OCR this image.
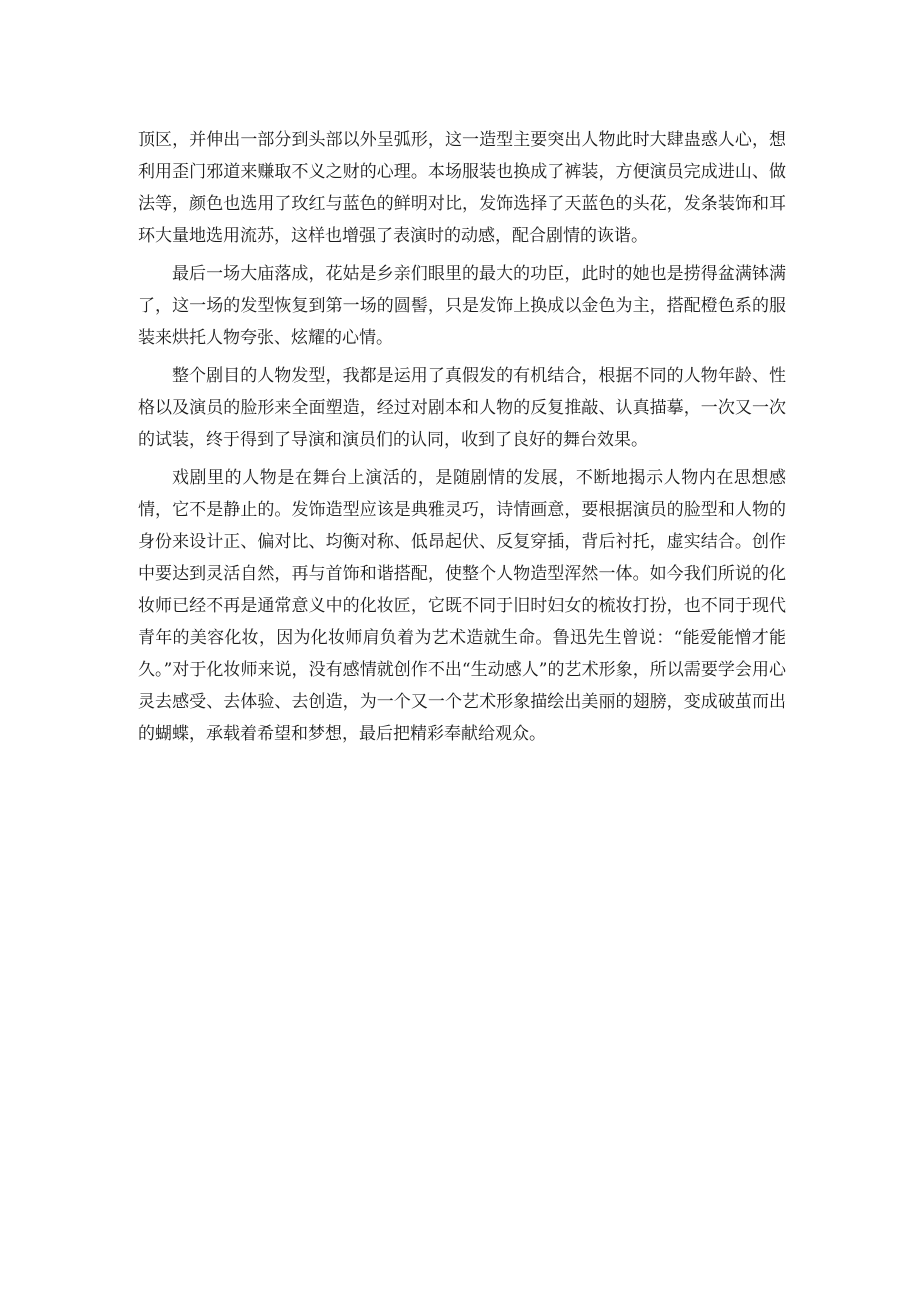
顶区，并伸出一部分到头部以外呈弧形，这一造型主要突出人物此时大肆蛊惑人心，想利用歪门邪道来赚取不义之财的心理。本场服装也换成了裤装，方便演员完成进山、做法等，颜色也选用了玫红与蓝色的鲜明对比，发饰选择了天蓝色的头花，发条装饰和耳环大量地选用流苏，这样也增强了表演时的动感，配合剧情的诙谐。

最后一场大庙落成，花姑是乡亲们眼里的最大的功臣，此时的她也是捞得盆满钵满了，这一场的发型恢复到第一场的圆髻，只是发饰上换成以金色为主，搭配橙色系的服装来烘托人物夸张、炫耀的心情。

整个剧目的人物发型，我都是运用了真假发的有机结合，根据不同的人物年龄、性格以及演员的脸形来全面塑造，经过对剧本和人物的反复推敲、认真描摹，一次又一次的试装，终于得到了导演和演员们的认同，收到了良好的舞台效果。

戏剧里的人物是在舞台上演活的，是随剧情的发展，不断地揭示人物内在思想感情，它不是静止的。发饰造型应该是典雅灵巧，诗情画意，要根据演员的脸型和人物的身份来设计正、偏对比、均衡对称、低昂起伏、反复穿插，背后衬托，虚实结合。创作中要达到灵活自然，再与首饰和谐搭配，使整个人物造型浑然一体。如今我们所说的化妆师已经不再是通常意义中的化妆匠，它既不同于旧时妇女的梳妆打扮，也不同于现代青年的美容化妆，因为化妆师肩负着为艺术造就生命。鲁迅先生曾说：“能爱能憎才能久。”对于化妆师来说，没有感情就创作不出“生动感人”的艺术形象，所以需要学会用心灵去感受、去体验、去创造，为一个又一个艺术形象描绘出美丽的翅膀，变成破茧而出的蝴蝶，承载着希望和梦想，最后把精彩奉献给观众。
